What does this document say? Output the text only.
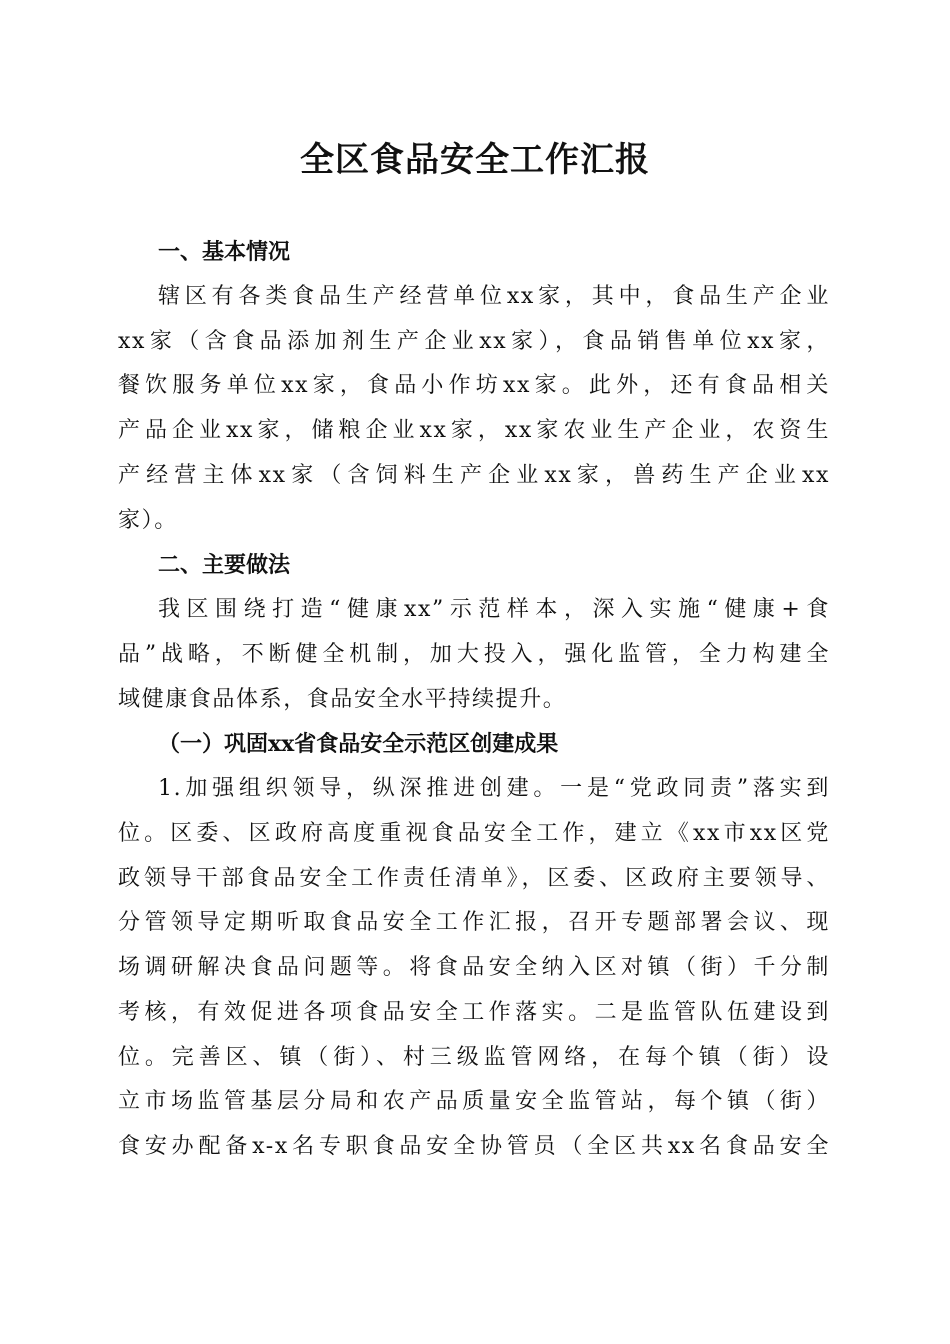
全区食品安全工作汇报
一、基本情况

辖区有各类食品生产经营单位xx家，其中，食品生产企业
xx家（含食品添加剂生产企业xx家），食品销售单位xx家，
餐饮服务单位xx家，食品小作坊xx家。此外，还有食品相关
产品企业xx家，储粮企业xx家，xx家农业生产企业，农资生
产经营主体xx家（含饲料生产企业xx家，兽药生产企业xx
家）。

二、主要做法

我区围绕打造“健康xx”示范样本，深入实施“健康+食
品”战略，不断健全机制，加大投入，强化监管，全力构建全
域健康食品体系，食品安全水平持续提升。

（一）巩固xx省食品安全示范区创建成果

1.加强组织领导，纵深推进创建。一是“党政同责”落实到
位。区委、区政府高度重视食品安全工作，建立《xx市xx区党
政领导干部食品安全工作责任清单》，区委、区政府主要领导、
分管领导定期听取食品安全工作汇报，召开专题部署会议、现
场调研解决食品问题等。将食品安全纳入区对镇（街）千分制
考核，有效促进各项食品安全工作落实。二是监管队伍建设到
位。完善区、镇（街）、村三级监管网络，在每个镇（街）设
立市场监管基层分局和农产品质量安全监管站，每个镇（街）
食安办配备x-x名专职食品安全协管员（全区共xx名食品安全
